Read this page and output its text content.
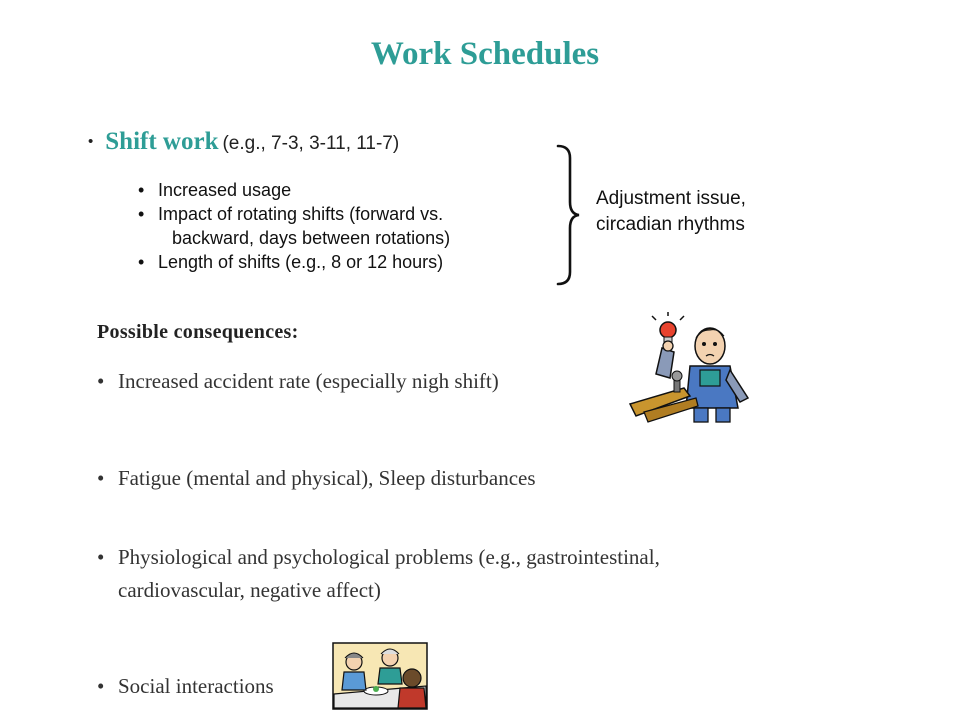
Work Schedules
• Shift work (e.g., 7-3, 3-11, 11-7)
• Increased usage
• Impact of rotating shifts (forward vs.
backward, days between rotations)
• Length of shifts (e.g., 8 or 12 hours)
Adjustment issue,
circadian rhythms
Possible consequences:
• Increased accident rate (especially nigh shift)
• Fatigue (mental and physical), Sleep disturbances
• Physiological and psychological problems (e.g., gastrointestinal,
cardiovascular, negative affect)
• Social interactions
